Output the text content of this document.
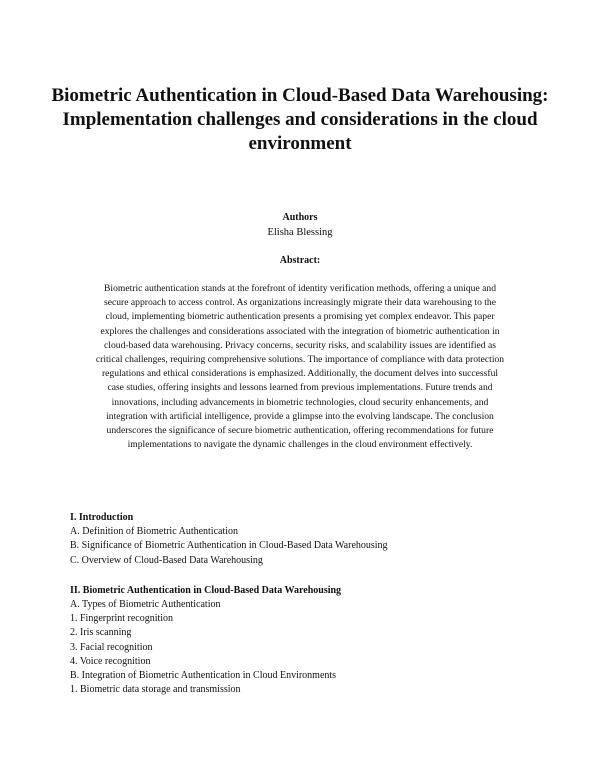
Biometric Authentication in Cloud-Based Data Warehousing:
Implementation challenges and considerations in the cloud
environment
Authors
Elisha Blessing
Abstract:
Biometric authentication stands at the forefront of identity verification methods, offering a unique and
secure approach to access control. As organizations increasingly migrate their data warehousing to the
cloud, implementing biometric authentication presents a promising yet complex endeavor. This paper
explores the challenges and considerations associated with the integration of biometric authentication in
cloud-based data warehousing. Privacy concerns, security risks, and scalability issues are identified as
critical challenges, requiring comprehensive solutions. The importance of compliance with data protection
regulations and ethical considerations is emphasized. Additionally, the document delves into successful
case studies, offering insights and lessons learned from previous implementations. Future trends and
innovations, including advancements in biometric technologies, cloud security enhancements, and
integration with artificial intelligence, provide a glimpse into the evolving landscape. The conclusion
underscores the significance of secure biometric authentication, offering recommendations for future
implementations to navigate the dynamic challenges in the cloud environment effectively.
I. Introduction
A. Definition of Biometric Authentication
B. Significance of Biometric Authentication in Cloud-Based Data Warehousing
C. Overview of Cloud-Based Data Warehousing
II. Biometric Authentication in Cloud-Based Data Warehousing
A. Types of Biometric Authentication
1. Fingerprint recognition
2. Iris scanning
3. Facial recognition
4. Voice recognition
B. Integration of Biometric Authentication in Cloud Environments
1. Biometric data storage and transmission
